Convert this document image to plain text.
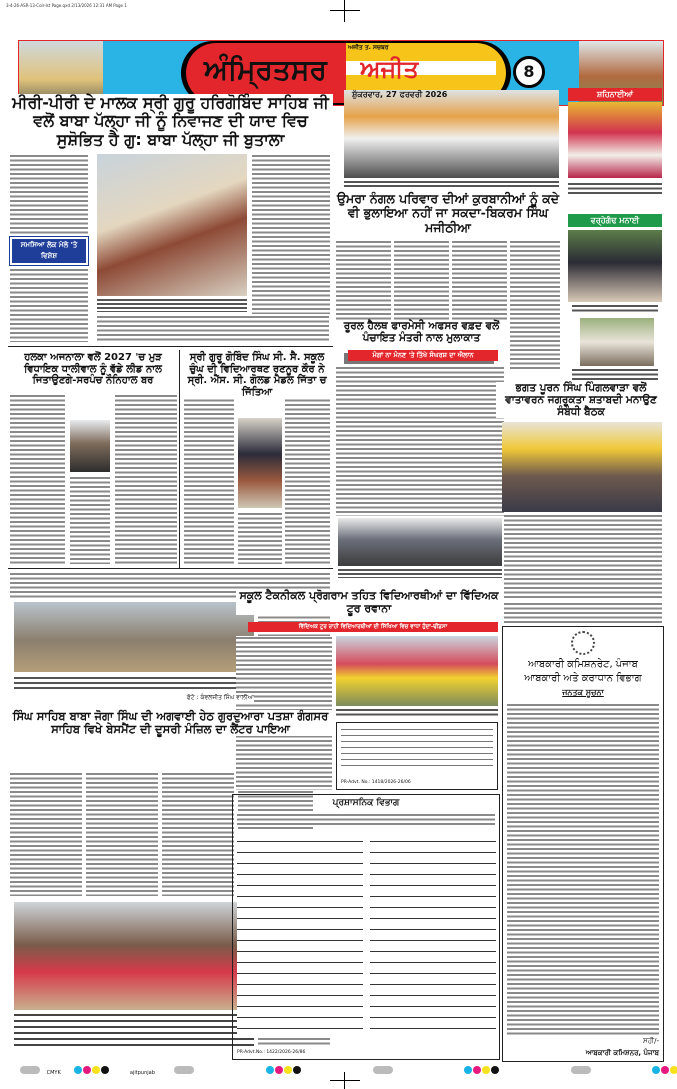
3-4-26-ASR-13-Colr-Ist Page.qxd 2/13/2026 12:31 AM Page 1
ਅੰਮ੍ਰਿਤਸਰ
ਅਜੀਤ ਤ. ਸਚਬਰ
ਅਜੀਤ
ਸ਼ੁੱਕਰਵਾਰ, 27 ਫਰਵਰੀ 2026
8
ਮੀਰੀ-ਪੀਰੀ ਦੇ ਮਾਲਕ ਸ੍ਰੀ ਗੁਰੂ ਹਰਿਗੋਬਿੰਦ ਸਾਹਿਬ ਜੀ ਵਲੋਂ ਬਾਬਾ ਪੱਲ੍ਹਾ ਜੀ ਨੂੰ ਨਿਵਾਜਣ ਦੀ ਯਾਦ ਵਿਚ ਸੁਸ਼ੋਭਿਤ ਹੈ ਗੁ: ਬਾਬਾ ਪੱਲ੍ਹਾ ਜੀ ਬੁਤਾਲਾ
ਸਮਸਿਆ ਲੋਕ ਮੇਲੇ 'ਤੇ ਵਿਸ਼ੇਸ਼
ਹਲਕਾ ਅਜਨਾਲਾ ਵਲੋਂ 2027 'ਚ ਮੁੜ ਵਿਧਾਇਕ ਧਾਲੀਵਾਲ ਨੂੰ ਵੱਡੇ ਲੀਡ ਨਾਲ ਜਿਤਾਉਣਗੇ-ਸਰਪੰਚ ਨੌਨਿਹਾਲ ਬਰ
ਸ੍ਰੀ ਗੁਰੂ ਗੋਬਿੰਦ ਸਿੰਘ ਸੀ. ਸੈ. ਸਕੂਲ ਚੁੰਘ ਦੀ ਵਿਦਿਆਰਥਣ ਰਣਨੂਰ ਕੌਰ ਨੇ ਸ੍ਰੀ. ਐੱਸ. ਸੀ. ਗੋਲਡ ਮੈਡਲ ਜਿੱਤਾ ਚ ਜਿੱਤਿਆ
ਫੋਟੋ : ਕੰਵਲਜੀਤ ਸਿੰਘ ਵਾਲੀਆ
ਸਿੰਘ ਸਾਹਿਬ ਬਾਬਾ ਜੋਗਾ ਸਿੰਘ ਦੀ ਅਗਵਾਈ ਹੇਠ ਗੁਰਦੁਆਰਾ ਪਤਸ਼ਾ ਗੰਗਸਰ ਸਾਹਿਬ ਵਿਖੇ ਬੇਸਮੈਂਟ ਦੀ ਦੂਸਰੀ ਮੰਜ਼ਿਲ ਦਾ ਲੈਂਟਰ ਪਾਇਆ
ਉਮਰਾ ਨੰਗਲ ਪਰਿਵਾਰ ਦੀਆਂ ਕੁਰਬਾਨੀਆਂ ਨੂੰ ਕਦੇ ਵੀ ਭੁਲਾਇਆ ਨਹੀਂ ਜਾ ਸਕਦਾ-ਬਿਕਰਮ ਸਿੰਘ ਮਜੀਠੀਆ
ਰੂਰਲ ਹੈਲਥ ਫਾਰਮੇਸੀ ਅਫਸਰ ਵਫ਼ਦ ਵਲੋਂ ਪੰਚਾਇਤ ਮੰਤਰੀ ਨਾਲ ਮੁਲਾਕਾਤ
ਮੰਗਾਂ ਨਾ ਮੰਨਣ 'ਤੇ ਤਿੱਖੇ ਸੰਘਰਸ਼ ਦਾ ਐਲਾਨ
ਸ਼ਹਿਨਾਈਆਂ
ਵਰ੍ਹੇਗੰਢ ਮਨਾਈ
ਭਗਤ ਪੂਰਨ ਸਿੰਘ ਪਿੰਗਲਵਾੜਾ ਵਲੋਂ ਵਾਤਾਵਰਨ ਜਗਰੂਕਤਾ ਸ਼ਤਾਬਦੀ ਮਨਾਉਣ ਸੰਬੰਧੀ ਬੈਠਕ
ਸਕੂਲ ਟੈਕਨੀਕਲ ਪ੍ਰੋਗਰਾਮ ਤਹਿਤ ਵਿਦਿਆਰਥੀਆਂ ਦਾ ਵਿੱਦਿਅਕ ਟੂਰ ਰਵਾਨਾ
ਵਿੱਦਿਅਕ ਟੂਰ ਰਾਹੀਂ ਵਿਦਿਆਰਥੀਆਂ ਦੀ ਸਿੱਖਿਆ ਵਿਚ ਵਾਧਾ ਹੁੰਦਾ-ਢੀਂਡਸਾ
PR-Advt. No.: 1418/2026-26/06
ਪ੍ਰਸ਼ਾਸਨਿਕ ਵਿਭਾਗ
PR-Advt.No.: 1422/2026-26/86
ਆਬਕਾਰੀ ਕਮਿਸ਼ਨਰੇਟ, ਪੰਜਾਬ
ਆਬਕਾਰੀ ਅਤੇ ਕਰਾਧਾਨ ਵਿਭਾਗ
ਜਨਤਕ ਸੂਚਨਾ
ਸਹੀ/-
ਆਬਕਾਰੀ ਕਮਿਸ਼ਨਰ, ਪੰਜਾਬ
CMYK	ajitpunjab
